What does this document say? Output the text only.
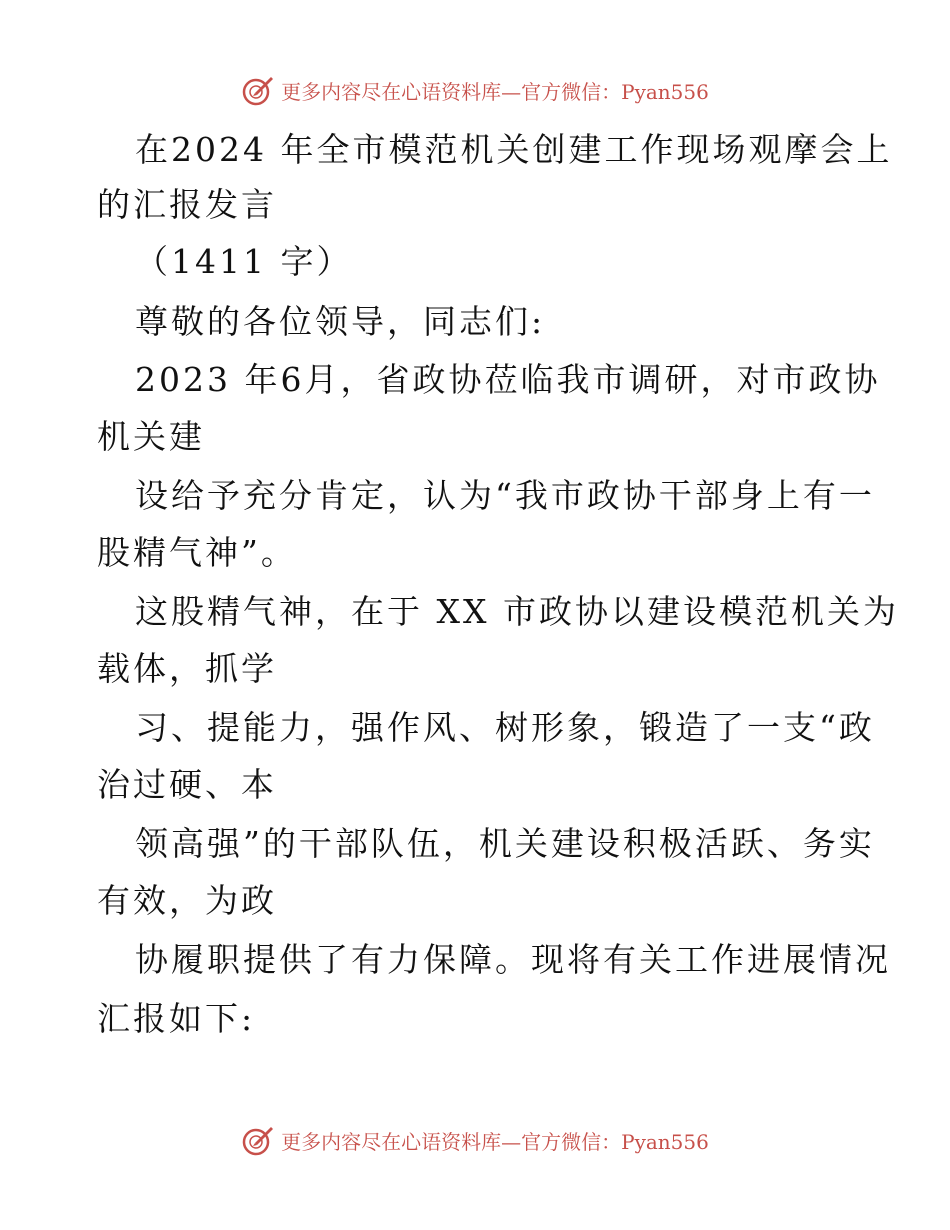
更多内容尽在心语资料库—官方微信：Pyan556
在2024 年全市模范机关创建工作现场观摩会上
的汇报发言
（1411 字）
尊敬的各位领导，同志们:
2023 年6月，省政协莅临我市调研，对市政协
机关建
设给予充分肯定，认为“我市政协干部身上有一
股精气神”。
这股精气神，在于 XX 市政协以建设模范机关为
载体，抓学
习、提能力，强作风、树形象，锻造了一支“政
治过硬、本
领高强”的干部队伍，机关建设积极活跃、务实
有效，为政
协履职提供了有力保障。现将有关工作进展情况
汇报如下:
更多内容尽在心语资料库—官方微信：Pyan556
